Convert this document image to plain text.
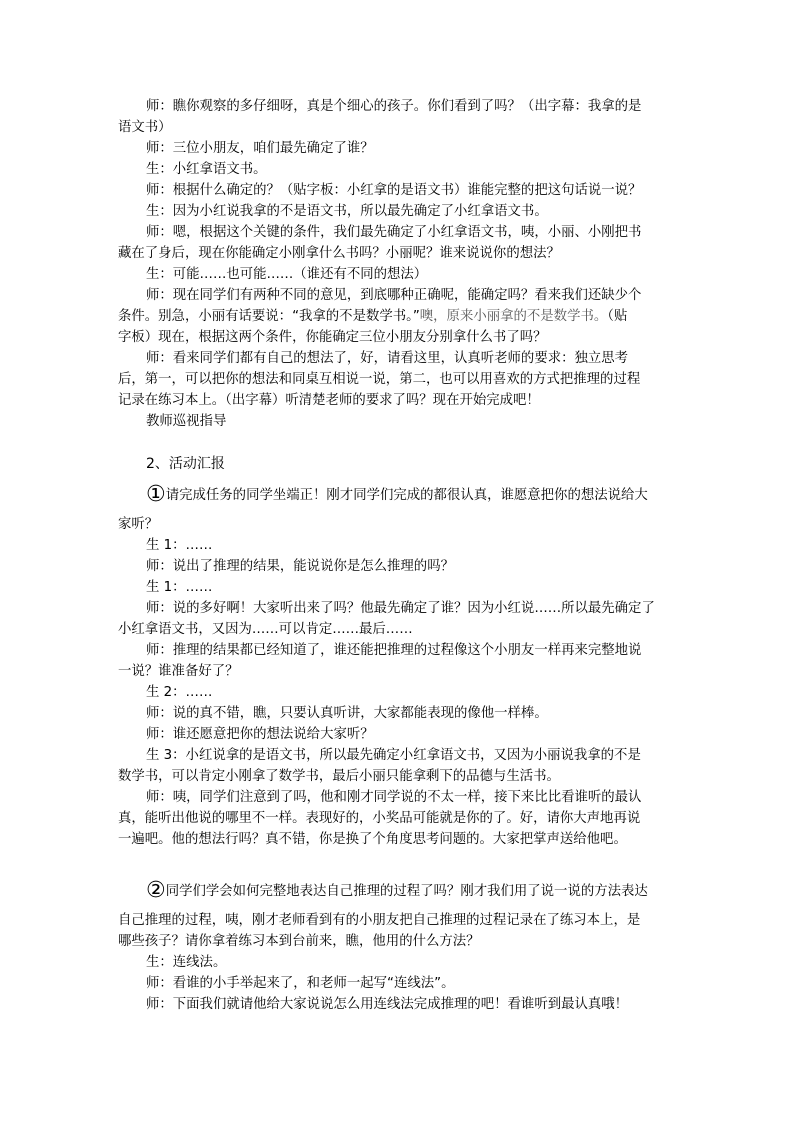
师：瞧你观察的多仔细呀，真是个细心的孩子。你们看到了吗？（出字幕：我拿的是
语文书）
师：三位小朋友，咱们最先确定了谁？
生：小红拿语文书。
师：根据什么确定的？（贴字板：小红拿的是语文书）谁能完整的把这句话说一说？
生：因为小红说我拿的不是语文书，所以最先确定了小红拿语文书。
师：嗯，根据这个关键的条件，我们最先确定了小红拿语文书，咦，小丽、小刚把书
藏在了身后，现在你能确定小刚拿什么书吗？小丽呢？谁来说说你的想法？
生：可能……也可能……（谁还有不同的想法）
师：现在同学们有两种不同的意见，到底哪种正确呢，能确定吗？看来我们还缺少个
条件。别急，小丽有话要说：“我拿的不是数学书。”噢，原来小丽拿的不是数学书。（贴
字板）现在，根据这两个条件，你能确定三位小朋友分别拿什么书了吗？
师：看来同学们都有自己的想法了，好，请看这里，认真听老师的要求：独立思考
后，第一，可以把你的想法和同桌互相说一说，第二，也可以用喜欢的方式把推理的过程
记录在练习本上。（出字幕）听清楚老师的要求了吗？现在开始完成吧！
教师巡视指导
2、活动汇报
①请完成任务的同学坐端正！刚才同学们完成的都很认真，谁愿意把你的想法说给大
家听？
生 1：……
师：说出了推理的结果，能说说你是怎么推理的吗？
生 1：……
师：说的多好啊！大家听出来了吗？他最先确定了谁？因为小红说……所以最先确定了
小红拿语文书，又因为……可以肯定……最后……
师：推理的结果都已经知道了，谁还能把推理的过程像这个小朋友一样再来完整地说
一说？谁准备好了？
生 2：……
师：说的真不错，瞧，只要认真听讲，大家都能表现的像他一样棒。
师：谁还愿意把你的想法说给大家听？
生 3：小红说拿的是语文书，所以最先确定小红拿语文书，又因为小丽说我拿的不是
数学书，可以肯定小刚拿了数学书，最后小丽只能拿剩下的品德与生活书。
师：咦，同学们注意到了吗，他和刚才同学说的不太一样，接下来比比看谁听的最认
真，能听出他说的哪里不一样。表现好的，小奖品可能就是你的了。好，请你大声地再说
一遍吧。他的想法行吗？真不错，你是换了个角度思考问题的。大家把掌声送给他吧。
②同学们学会如何完整地表达自己推理的过程了吗？刚才我们用了说一说的方法表达
自己推理的过程，咦，刚才老师看到有的小朋友把自己推理的过程记录在了练习本上，是
哪些孩子？请你拿着练习本到台前来，瞧，他用的什么方法？
生：连线法。
师：看谁的小手举起来了，和老师一起写“连线法”。
师：下面我们就请他给大家说说怎么用连线法完成推理的吧！看谁听到最认真哦！
